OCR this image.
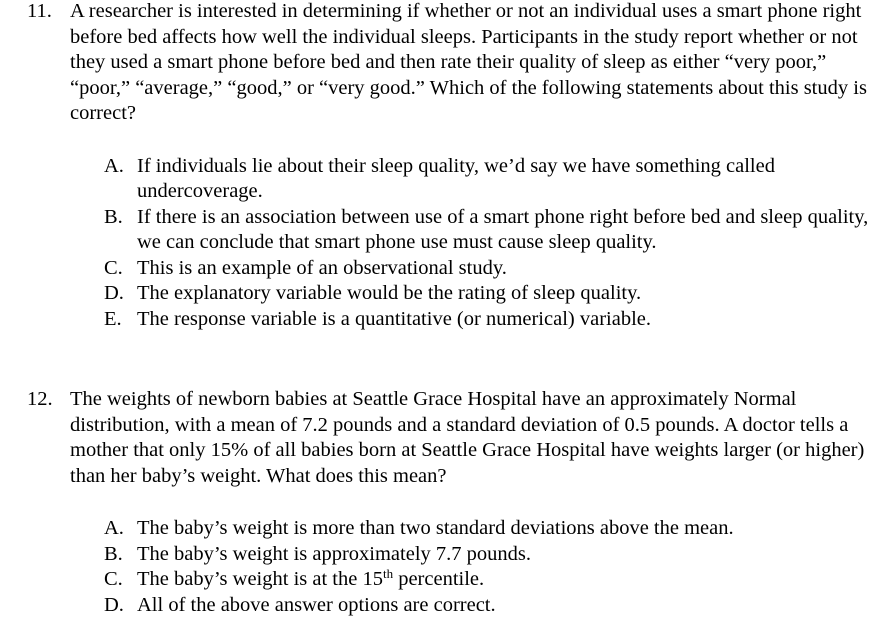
11. A researcher is interested in determining if whether or not an individual uses a smart phone right before bed affects how well the individual sleeps. Participants in the study report whether or not they used a smart phone before bed and then rate their quality of sleep as either “very poor,” “poor,” “average,” “good,” or “very good.” Which of the following statements about this study is correct?
A. If individuals lie about their sleep quality, we’d say we have something called undercoverage.
B. If there is an association between use of a smart phone right before bed and sleep quality, we can conclude that smart phone use must cause sleep quality.
C. This is an example of an observational study.
D. The explanatory variable would be the rating of sleep quality.
E. The response variable is a quantitative (or numerical) variable.
12. The weights of newborn babies at Seattle Grace Hospital have an approximately Normal distribution, with a mean of 7.2 pounds and a standard deviation of 0.5 pounds. A doctor tells a mother that only 15% of all babies born at Seattle Grace Hospital have weights larger (or higher) than her baby’s weight. What does this mean?
A. The baby’s weight is more than two standard deviations above the mean.
B. The baby’s weight is approximately 7.7 pounds.
C. The baby’s weight is at the 15th percentile.
D. All of the above answer options are correct.
